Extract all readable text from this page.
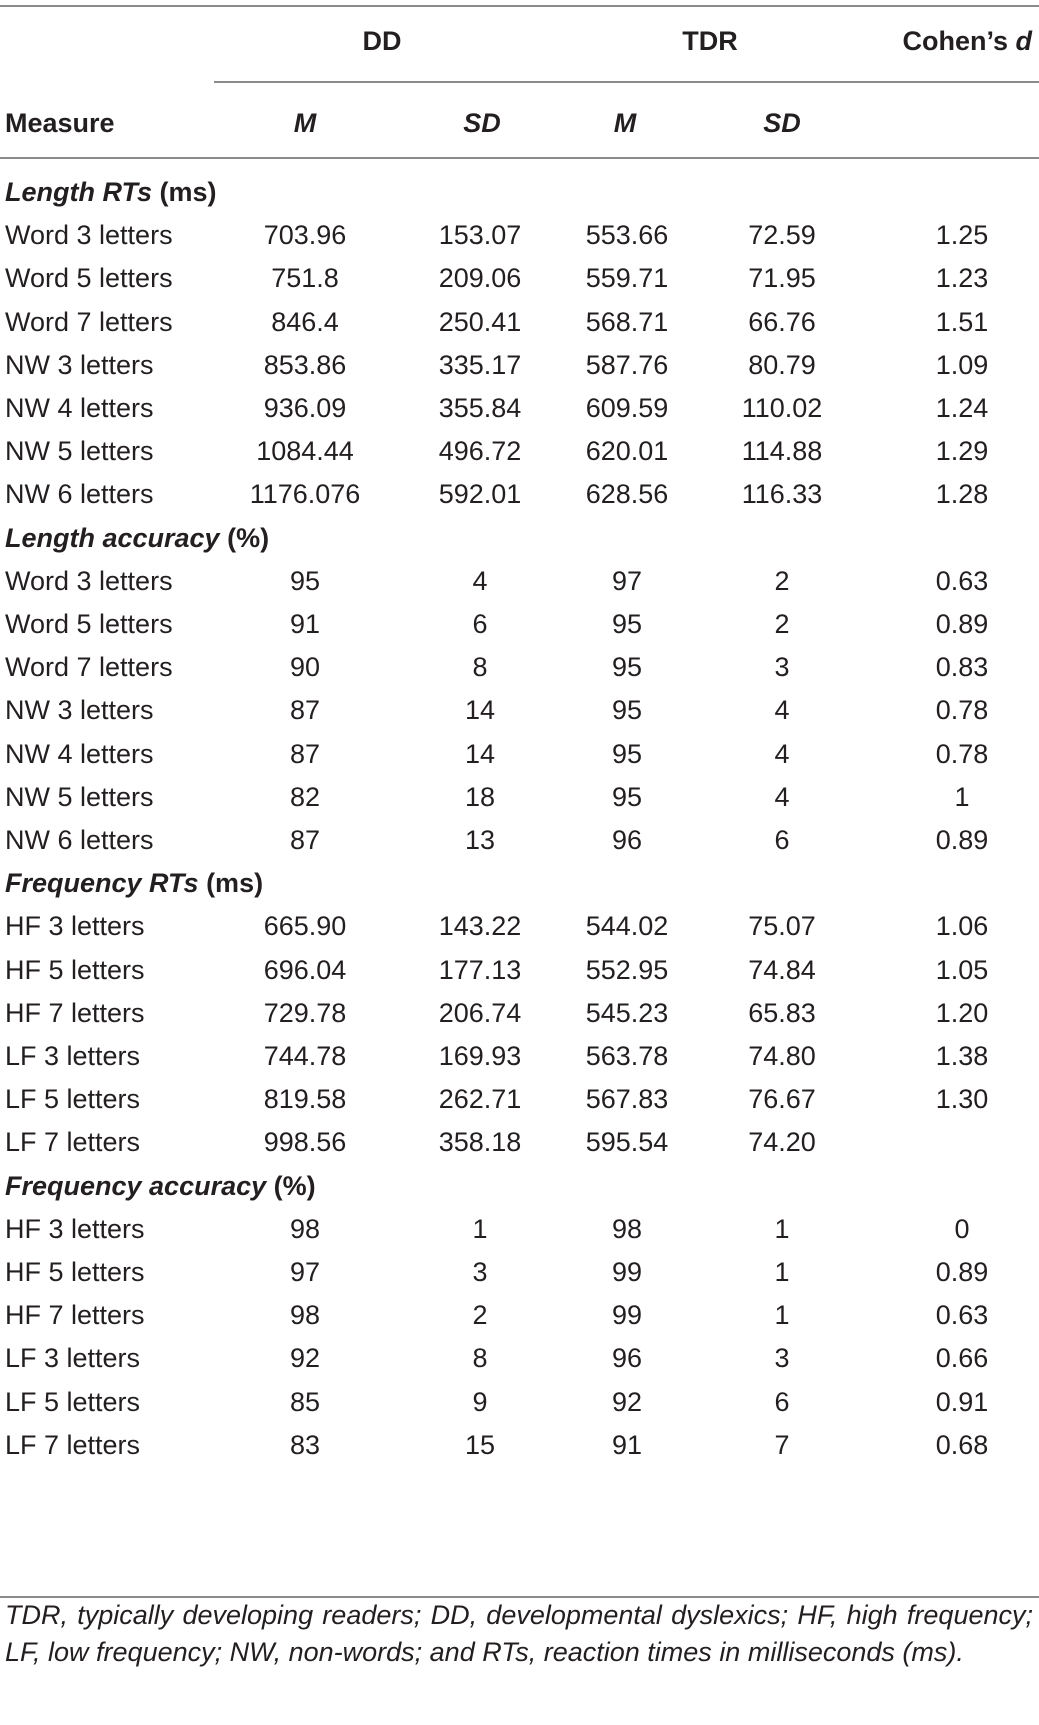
DD	TDR	Cohen’s d
Measure	M	SD	M	SD
Length RTs (ms)
Word 3 letters	703.96	153.07	553.66	72.59	1.25
Word 5 letters	751.8	209.06	559.71	71.95	1.23
Word 7 letters	846.4	250.41	568.71	66.76	1.51
NW 3 letters	853.86	335.17	587.76	80.79	1.09
NW 4 letters	936.09	355.84	609.59	110.02	1.24
NW 5 letters	1084.44	496.72	620.01	114.88	1.29
NW 6 letters	1176.076	592.01	628.56	116.33	1.28
Length accuracy (%)
Word 3 letters	95	4	97	2	0.63
Word 5 letters	91	6	95	2	0.89
Word 7 letters	90	8	95	3	0.83
NW 3 letters	87	14	95	4	0.78
NW 4 letters	87	14	95	4	0.78
NW 5 letters	82	18	95	4	1
NW 6 letters	87	13	96	6	0.89
Frequency RTs (ms)
HF 3 letters	665.90	143.22	544.02	75.07	1.06
HF 5 letters	696.04	177.13	552.95	74.84	1.05
HF 7 letters	729.78	206.74	545.23	65.83	1.20
LF 3 letters	744.78	169.93	563.78	74.80	1.38
LF 5 letters	819.58	262.71	567.83	76.67	1.30
LF 7 letters	998.56	358.18	595.54	74.20
Frequency accuracy (%)
HF 3 letters	98	1	98	1	0
HF 5 letters	97	3	99	1	0.89
HF 7 letters	98	2	99	1	0.63
LF 3 letters	92	8	96	3	0.66
LF 5 letters	85	9	92	6	0.91
LF 7 letters	83	15	91	7	0.68
TDR, typically developing readers; DD, developmental dyslexics; HF, high frequency; LF, low frequency; NW, non-words; and RTs, reaction times in milliseconds (ms).
